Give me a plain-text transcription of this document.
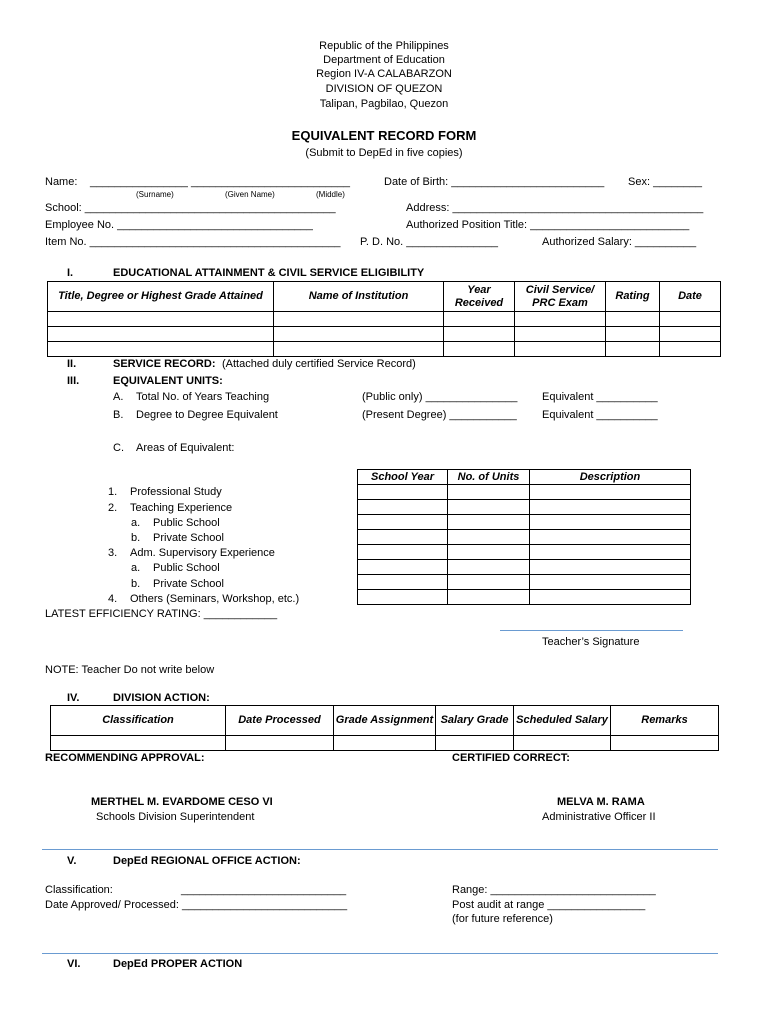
Republic of the Philippines
Department of Education
Region IV-A CALABARZON
DIVISION OF QUEZON
Talipan, Pagbilao, Quezon
EQUIVALENT RECORD FORM
(Submit to DepEd in five copies)
Name: ________________ __________________________
(Surname)	(Given Name)	(Middle)
Date of Birth: _________________________ Sex: ________
School: _________________________________________	Address: _________________________________________
Employee No. ________________________________	Authorized Position Title: __________________________
Item No. _________________________________________ P. D. No. _______________	Authorized Salary: __________
I.	EDUCATIONAL ATTAINMENT & CIVIL SERVICE ELIGIBILITY
Title, Degree or Highest Grade Attained	Name of Institution	Year Received	Civil Service/ PRC Exam	Rating	Date

II.	SERVICE RECORD: (Attached duly certified Service Record)
III.	EQUIVALENT UNITS:
A. Total No. of Years Teaching	(Public only) _______________ Equivalent __________
B. Degree to Degree Equivalent	(Present Degree) ___________ Equivalent __________
C. Areas of Equivalent:
1. Professional Study
2. Teaching Experience
a. Public School
b. Private School
3. Adm. Supervisory Experience
a. Public School
b. Private School
4. Others (Seminars, Workshop, etc.)
School Year	No. of Units	Description

LATEST EFFICIENCY RATING: ____________
Teacher’s Signature
NOTE: Teacher Do not write below
IV.	DIVISION ACTION:
Classification	Date Processed	Grade Assignment	Salary Grade	Scheduled Salary	Remarks

RECOMMENDING APPROVAL:	CERTIFIED CORRECT:
MERTHEL M. EVARDOME CESO VI
Schools Division Superintendent
MELVA M. RAMA
Administrative Officer II
V.	DepEd REGIONAL OFFICE ACTION:
Classification:	___________________________
Date Approved/ Processed: ___________________________
Range: ___________________________
Post audit at range ________________
(for future reference)
VI.	DepEd PROPER ACTION
